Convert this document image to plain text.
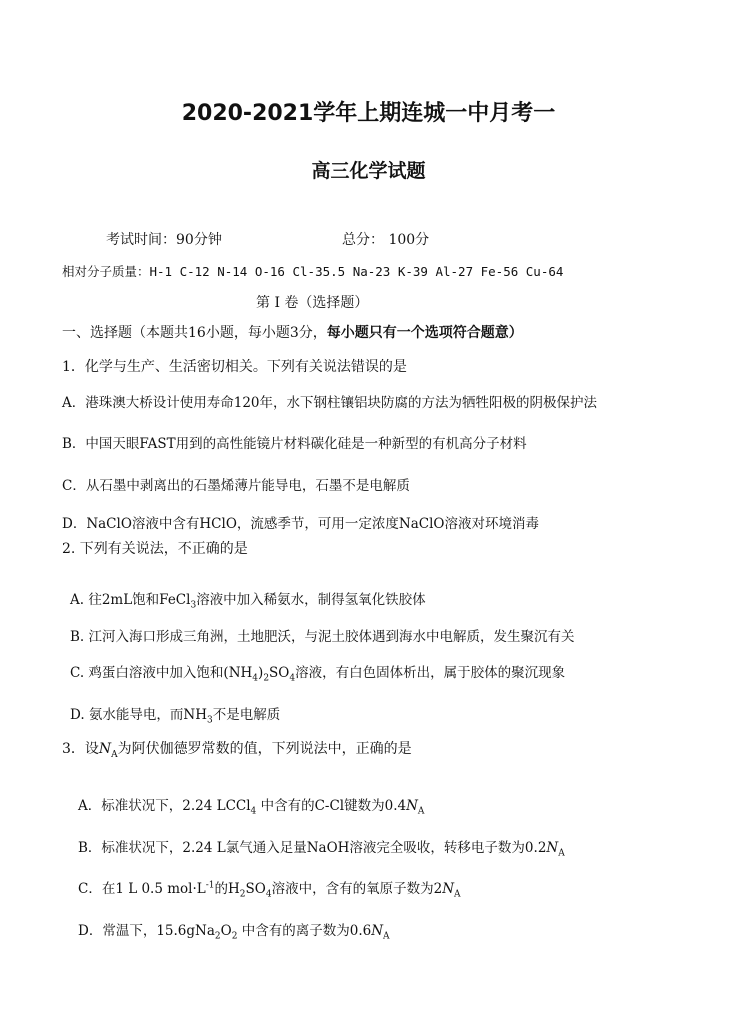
2020-2021学年上期连城一中月考一
高三化学试题
考试时间：90分钟	总分： 100分
相对分子质量：H-1 C-12 N-14 O-16 Cl-35.5 Na-23 K-39 Al-27 Fe-56 Cu-64
第 Ⅰ 卷（选择题）
一、选择题（本题共16小题，每小题3分，每小题只有一个选项符合题意）
1．化学与生产、生活密切相关。下列有关说法错误的是
A．港珠澳大桥设计使用寿命120年，水下钢柱镶铝块防腐的方法为牺牲阳极的阴极保护法
B．中国天眼FAST用到的高性能镜片材料碳化硅是一种新型的有机高分子材料
C．从石墨中剥离出的石墨烯薄片能导电，石墨不是电解质
D．NaClO溶液中含有HClO，流感季节，可用一定浓度NaClO溶液对环境消毒
2. 下列有关说法，不正确的是
A. 往2mL饱和FeCl$_3$溶液中加入稀氨水，制得氢氧化铁胶体
B. 江河入海口形成三角洲，土地肥沃，与泥土胶体遇到海水中电解质，发生聚沉有关
C. 鸡蛋白溶液中加入饱和$(NH_4)_2SO_4$溶液，有白色固体析出，属于胶体的聚沉现象
D. 氨水能导电，而$NH_3$不是电解质
3．设$N_A$为阿伏伽德罗常数的值，下列说法中，正确的是
A．标准状况下，2.24 LCCl$_4$ 中含有的C-Cl键数为$0.4N_A$
B．标准状况下，2.24 L氯气通入足量NaOH溶液完全吸收，转移电子数为$0.2N_A$
C．在1 L 0.5 $mol\cdot L^{-1}$的$H_2SO_4$溶液中，含有的氧原子数为$2N_A$
D．常温下，$15.6gNa_2O_2$ 中含有的离子数为$0.6N_A$
